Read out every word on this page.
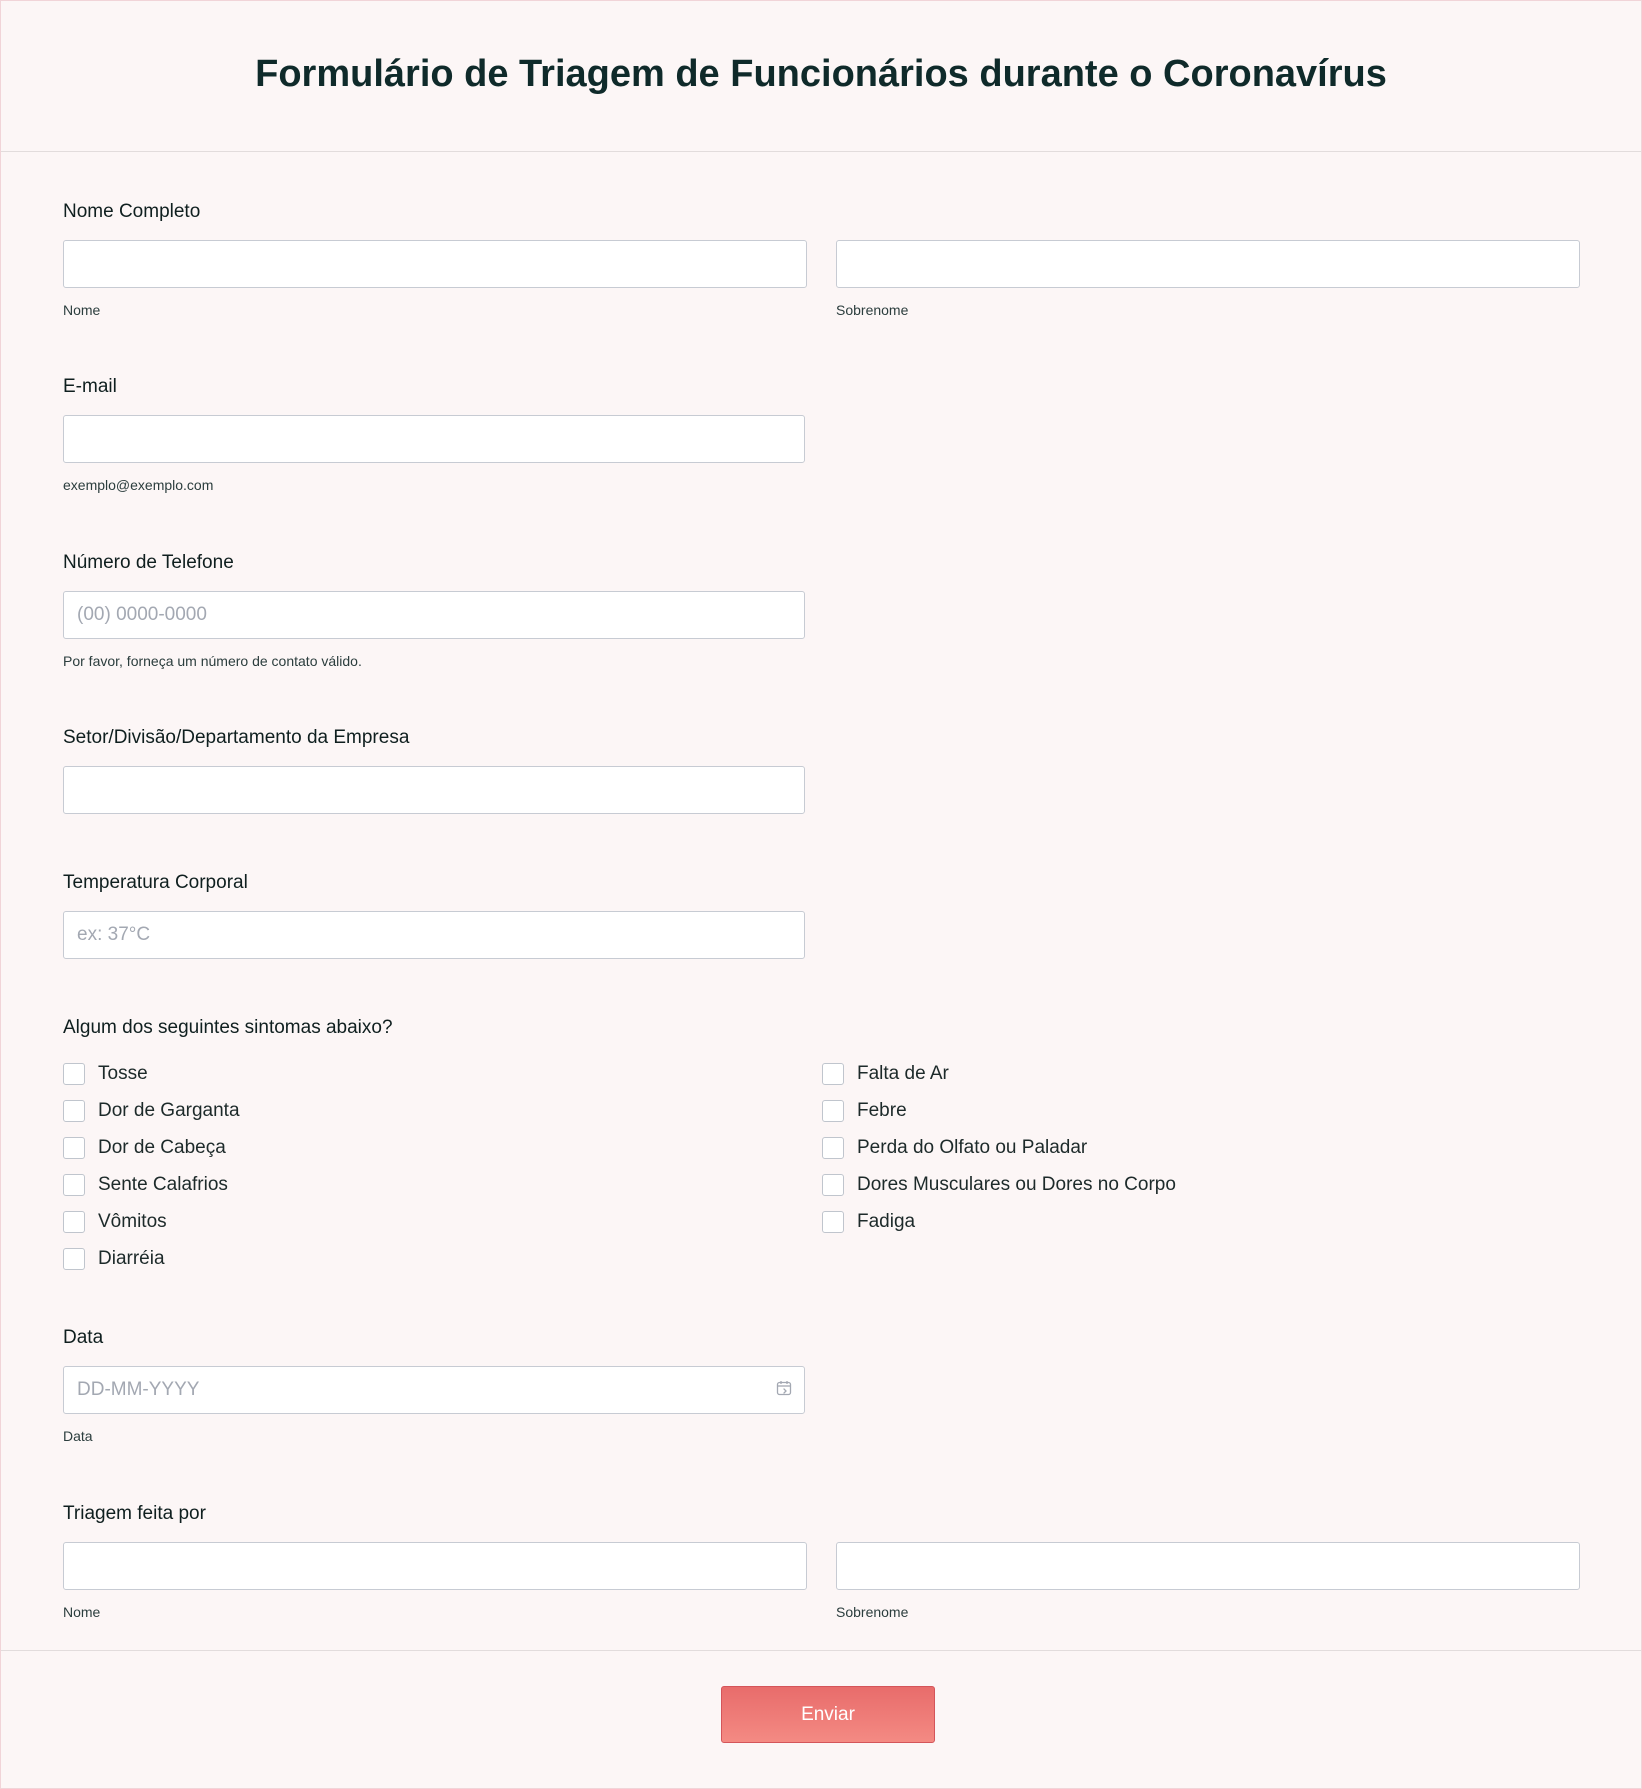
Formulário de Triagem de Funcionários durante o Coronavírus

Nome Completo

Nome	Sobrenome

E-mail

exemplo@exemplo.com

Número de Telefone

(00) 0000-0000
Por favor, forneça um número de contato válido.

Setor/Divisão/Departamento da Empresa

Temperatura Corporal

ex: 37°C

Algum dos seguintes sintomas abaixo?

Tosse
Dor de Garganta
Dor de Cabeça
Sente Calafrios
Vômitos
Diarréia
Falta de Ar
Febre
Perda do Olfato ou Paladar
Dores Musculares ou Dores no Corpo
Fadiga

Data

DD-MM-YYYY
Data

Triagem feita por

Nome	Sobrenome
Enviar
